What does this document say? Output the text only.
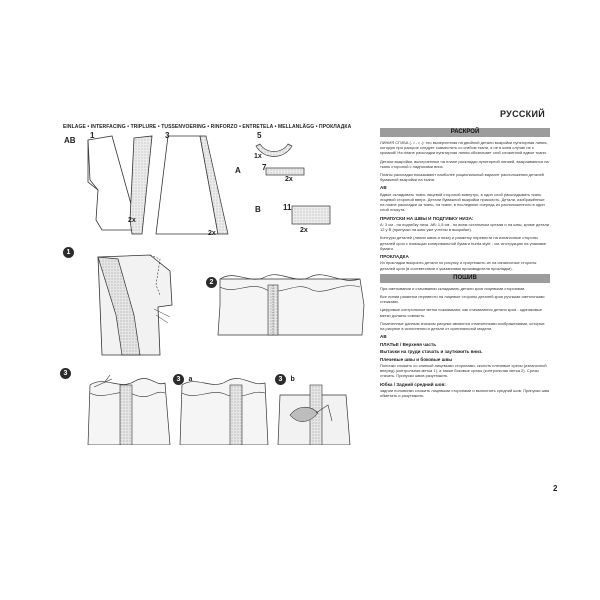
EINLAGE • INTERFACING • TRIPLURE • TUSSENVOERING • RINFORZO • ENTRETELA • MELLANLÄGG • ПРОКЛАДКА
AB
1	3	5
7
A
B	11
2x
2x
1x
2x
2x
1
2
3
3 a	3 b
РУССКИЙ
РАСКРОЙ

ЛИНИЯ СГИБА (- • - • -): это вычерченная на двойной детали выкройки пунктирная линия, которую при раскрое следует совместить со сгибом ткани, а не в коем случае не с кромкой! На плане раскладки пунктирная линия обозначает сгиб сложенной вдвое ткани.

Детали выкройки, вычерченные на плане раскладки пунктирной линией, выкраиваются на ткань стороной с надписями вниз.

Планы раскладки показывают наиболее рациональный вариант расположения деталей бумажной выкройки на ткани.

AB

Вдвое складывать ткань лицевой стороной вовнутрь, в один слой раскладывать ткань лицевой стороной вверх. Детали бумажной выкройки приколоть. Детали, изображённые на плане раскладки за ткань, на ткани, в последнюю очередь из расположенного в один слой лоскута.

ПРИПУСКИ НА ШВЫ И ПОДГИБКУ НИЗА:

А: 3 см - на подгибку низа. AB: 1,5 см - по всем остальным срезам и на швы, кроме детали 12 у В (припуски на швы уже учтены в выкройке).

Контуры деталей (линии швов и низа) и разметку перевести на изнаночные стороны деталей кроя с помощью копировальной бумаги burda style - см. инструкцию на упаковке бумаги.

ПРОКЛАДКА

Из прокладки выкроить детали по рисунку и приутюжить их на изнаночные стороны деталей кроя (в соответствии с указаниями производителя прокладки).

ПОШИВ

При сметывании и стачивании складывать детали кроя лицевыми сторонами.

Все линии разметки перевести на лицевые стороны деталей кроя ручными сметочными стежками.

Цифровые контрольные метки показывают, как стачиваются детали кроя - одинаковые метки должны совпасть.

Помеченные данным значком рисунки являются отмеченными изображениями, которые на рисунке в исполнении и детали от оригинальной модели.

AB
ПЛАТЬЕ / Верхняя часть
Вытачки на груди стачать и заутюжить вниз.
Плечевые швы и боковые швы

Полочки сложить со спинкой лицевыми сторонами, сколоть плечевые срезы (изнаночной вперед) (контрольная метка 1), а также боковые срезы (контрольная метка 2). Срезы стачать. Припуски швов разутюжить.

Юбка / Задний средний шов:

заднии половинки сложить лицевыми сторонами и выполнить средний шов. Припуски шва обметать и разутюжить.

2
